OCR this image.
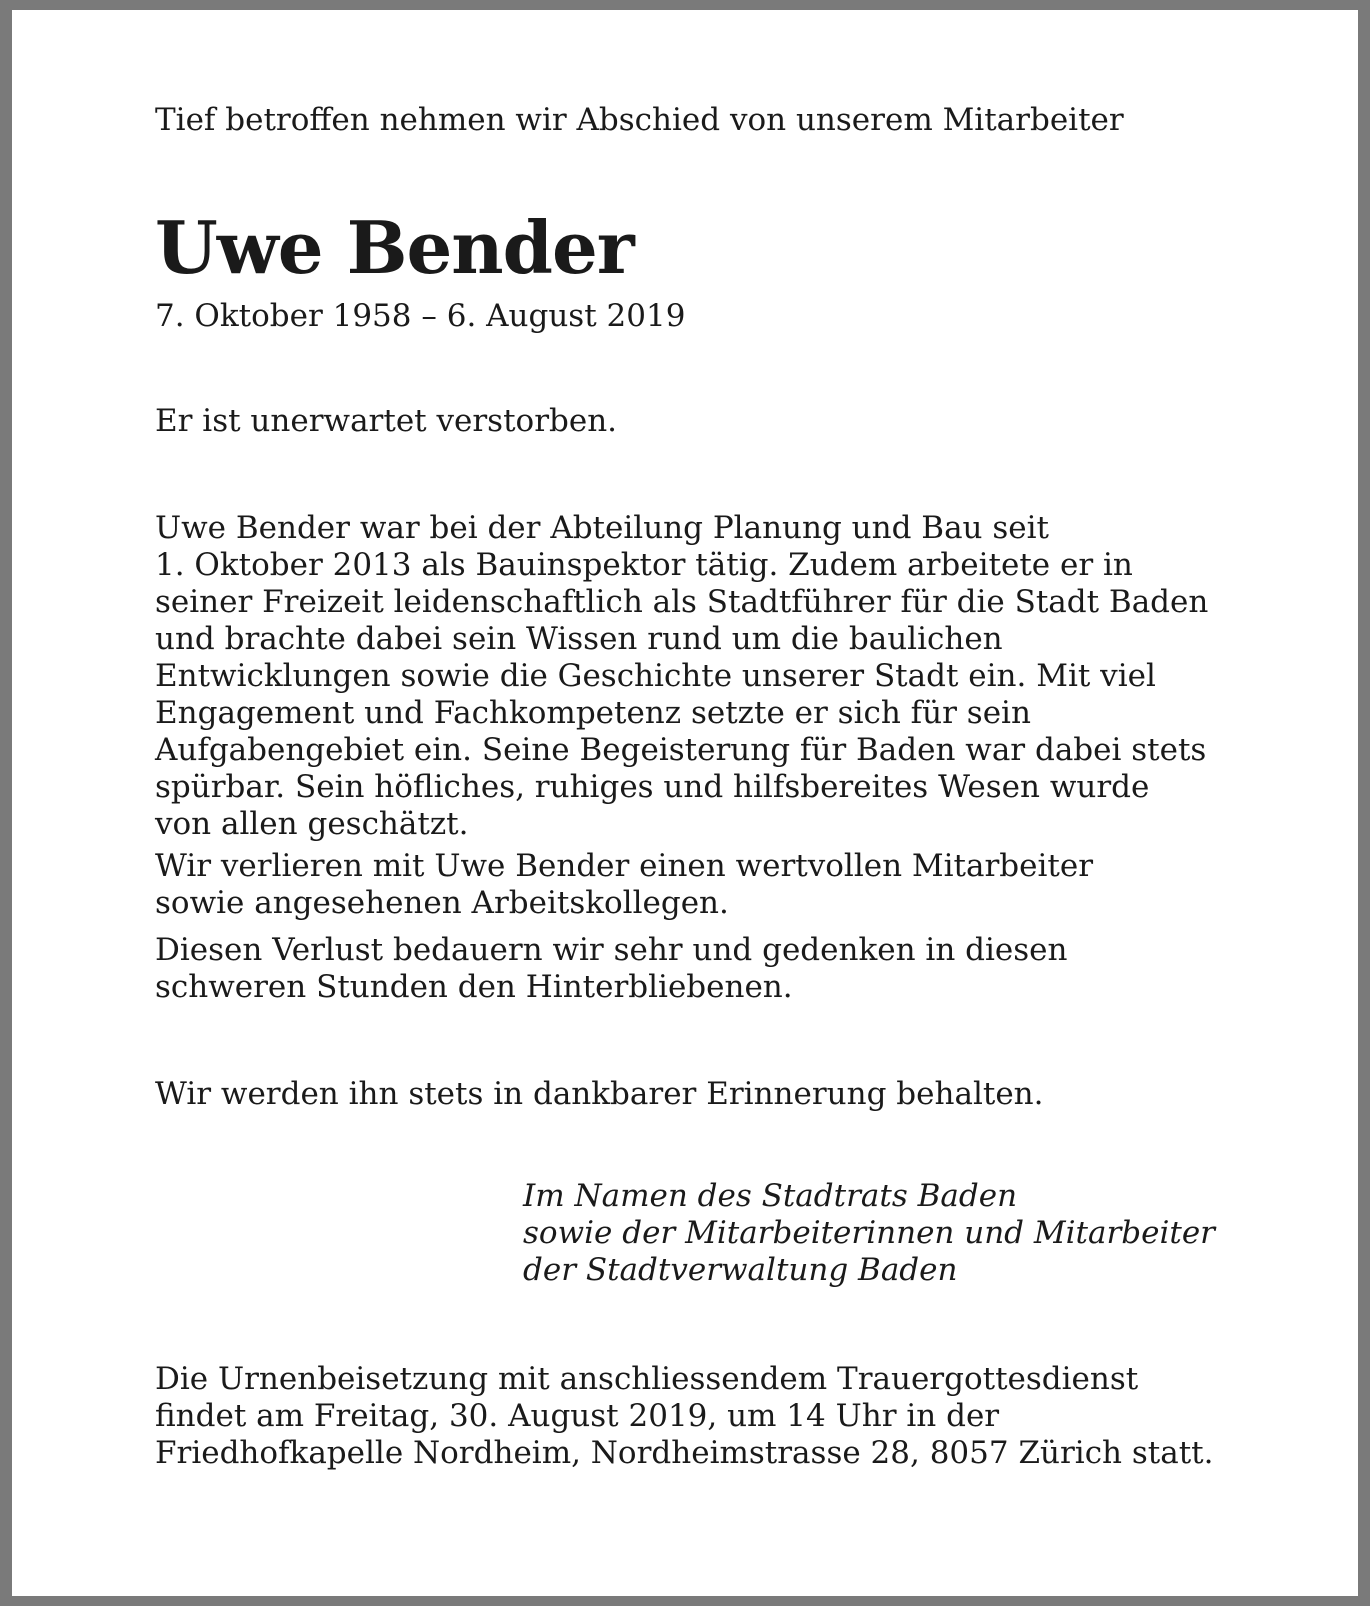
Tief betroffen nehmen wir Abschied von unserem Mitarbeiter

Uwe Bender

7. Oktober 1958 – 6. August 2019

Er ist unerwartet verstorben.

Uwe Bender war bei der Abteilung Planung und Bau seit
1. Oktober 2013 als Bauinspektor tätig. Zudem arbeitete er in
seiner Freizeit leidenschaftlich als Stadtführer für die Stadt Baden
und brachte dabei sein Wissen rund um die baulichen
Entwicklungen sowie die Geschichte unserer Stadt ein. Mit viel
Engagement und Fachkompetenz setzte er sich für sein
Aufgabengebiet ein. Seine Begeisterung für Baden war dabei stets
spürbar. Sein höfliches, ruhiges und hilfsbereites Wesen wurde
von allen geschätzt.
Wir verlieren mit Uwe Bender einen wertvollen Mitarbeiter
sowie angesehenen Arbeitskollegen.
Diesen Verlust bedauern wir sehr und gedenken in diesen
schweren Stunden den Hinterbliebenen.

Wir werden ihn stets in dankbarer Erinnerung behalten.

Im Namen des Stadtrats Baden
sowie der Mitarbeiterinnen und Mitarbeiter
der Stadtverwaltung Baden
Die Urnenbeisetzung mit anschliessendem Trauergottesdienst
findet am Freitag, 30. August 2019, um 14 Uhr in der
Friedhofkapelle Nordheim, Nordheimstrasse 28, 8057 Zürich statt.
